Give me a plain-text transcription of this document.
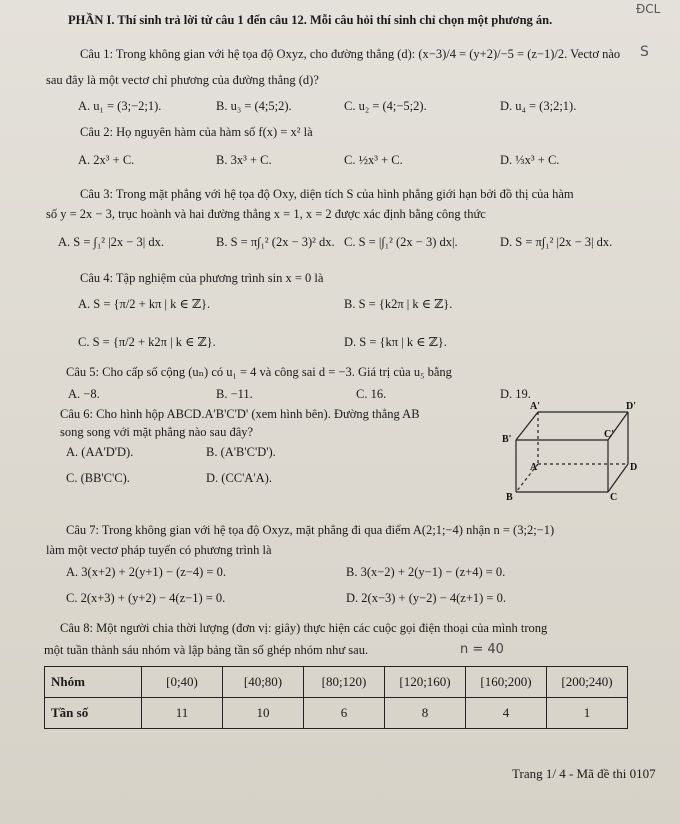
ĐCL
S
PHẦN I. Thí sinh trả lời từ câu 1 đến câu 12. Mỗi câu hỏi thí sinh chỉ chọn một phương án.
Câu 1: Trong không gian với hệ tọa độ Oxyz, cho đường thẳng (d): (x−3)/4 = (y+2)/−5 = (z−1)/2. Vectơ nào
sau đây là một vectơ chỉ phương của đường thẳng (d)?
A. u₁ = (3;−2;1).	B. u₃ = (4;5;2).	C. u₂ = (4;−5;2).	D. u₄ = (3;2;1).
Câu 2: Họ nguyên hàm của hàm số f(x) = x² là
A. 2x³ + C.	B. 3x³ + C.	C. ½x³ + C.	D. ⅓x³ + C.
Câu 3: Trong mặt phẳng với hệ tọa độ Oxy, diện tích S của hình phẳng giới hạn bởi đồ thị của hàm
số y = 2x − 3, trục hoành và hai đường thẳng x = 1, x = 2 được xác định bằng công thức
A. S = ∫₁² |2x − 3| dx.	B. S = π∫₁² (2x − 3)² dx. C. S = |∫₁² (2x − 3) dx|.	D. S = π∫₁² |2x − 3| dx.
Câu 4: Tập nghiệm của phương trình sin x = 0 là
A. S = {π/2 + kπ | k ∈ ℤ}.	B. S = {k2π | k ∈ ℤ}.
C. S = {π/2 + k2π | k ∈ ℤ}.	D. S = {kπ | k ∈ ℤ}.
Câu 5: Cho cấp số cộng (uₙ) có u₁ = 4 và công sai d = −3. Giá trị của u₅ bằng
A. −8.	B. −11.	C. 16.	D. 19.
Câu 6: Cho hình hộp ABCD.A'B'C'D' (xem hình bên). Đường thẳng AB
song song với mặt phẳng nào sau đây?
A. (AA'D'D).	B. (A'B'C'D').
C. (BB'C'C).	D. (CC'A'A).
A'	D'
B'	C'
A	D
B	C
Câu 7: Trong không gian với hệ tọa độ Oxyz, mặt phẳng đi qua điểm A(2;1;−4) nhận n = (3;2;−1)
làm một vectơ pháp tuyến có phương trình là
A. 3(x+2) + 2(y+1) − (z−4) = 0.	B. 3(x−2) + 2(y−1) − (z+4) = 0.
C. 2(x+3) + (y+2) − 4(z−1) = 0.	D. 2(x−3) + (y−2) − 4(z+1) = 0.
Câu 8: Một người chia thời lượng (đơn vị: giây) thực hiện các cuộc gọi điện thoại của mình trong
một tuần thành sáu nhóm và lập bảng tần số ghép nhóm như sau.	n = 40
Nhóm	[0;40)	[40;80)	[80;120)	[120;160)	[160;200)	[200;240)
Tần số	11	10	6	8	4	1
Trang 1/ 4 - Mã đề thi 0107
